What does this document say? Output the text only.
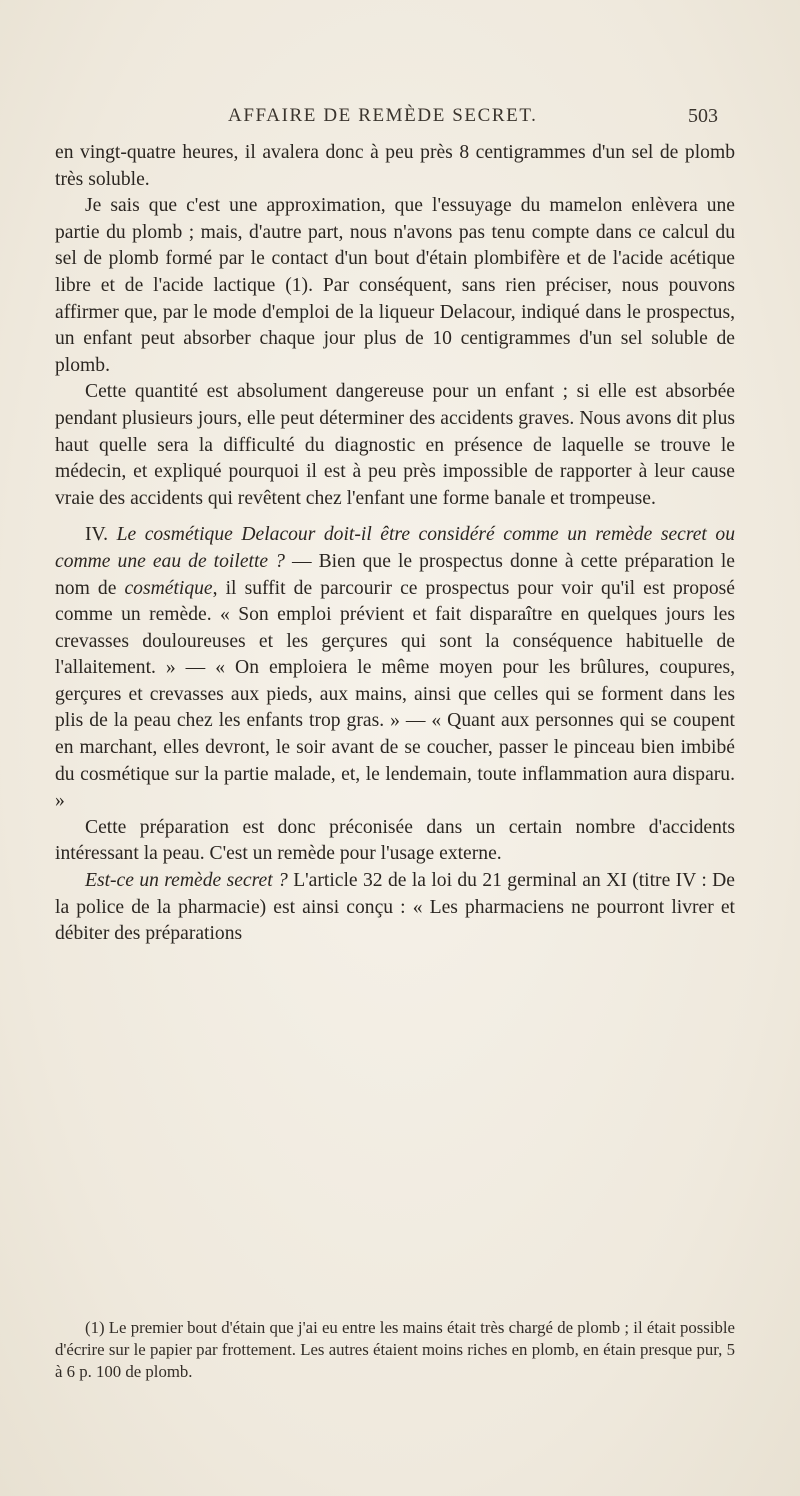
AFFAIRE DE REMÈDE SECRET.	503

en vingt-quatre heures, il avalera donc à peu près 8 centigrammes d'un sel de plomb très soluble.

Je sais que c'est une approximation, que l'essuyage du mamelon enlèvera une partie du plomb ; mais, d'autre part, nous n'avons pas tenu compte dans ce calcul du sel de plomb formé par le contact d'un bout d'étain plombifère et de l'acide acétique libre et de l'acide lactique (1). Par conséquent, sans rien préciser, nous pouvons affirmer que, par le mode d'emploi de la liqueur Delacour, indiqué dans le prospectus, un enfant peut absorber chaque jour plus de 10 centigrammes d'un sel soluble de plomb.

Cette quantité est absolument dangereuse pour un enfant ; si elle est absorbée pendant plusieurs jours, elle peut déterminer des accidents graves. Nous avons dit plus haut quelle sera la difficulté du diagnostic en présence de laquelle se trouve le médecin, et expliqué pourquoi il est à peu près impossible de rapporter à leur cause vraie des accidents qui revêtent chez l'enfant une forme banale et trompeuse.

IV. Le cosmétique Delacour doit-il être considéré comme un remède secret ou comme une eau de toilette ? — Bien que le prospectus donne à cette préparation le nom de cosmétique, il suffit de parcourir ce prospectus pour voir qu'il est proposé comme un remède. « Son emploi prévient et fait disparaître en quelques jours les crevasses douloureuses et les gerçures qui sont la conséquence habituelle de l'allaitement. » — « On emploiera le même moyen pour les brûlures, coupures, gerçures et crevasses aux pieds, aux mains, ainsi que celles qui se forment dans les plis de la peau chez les enfants trop gras. » — « Quant aux personnes qui se coupent en marchant, elles devront, le soir avant de se coucher, passer le pinceau bien imbibé du cosmétique sur la partie malade, et, le lendemain, toute inflammation aura disparu. »

Cette préparation est donc préconisée dans un certain nombre d'accidents intéressant la peau. C'est un remède pour l'usage externe.

Est-ce un remède secret ? L'article 32 de la loi du 21 germinal an XI (titre IV : De la police de la pharmacie) est ainsi conçu : « Les pharmaciens ne pourront livrer et débiter des préparations

(1) Le premier bout d'étain que j'ai eu entre les mains était très chargé de plomb ; il était possible d'écrire sur le papier par frottement. Les autres étaient moins riches en plomb, en étain presque pur, 5 à 6 p. 100 de plomb.
